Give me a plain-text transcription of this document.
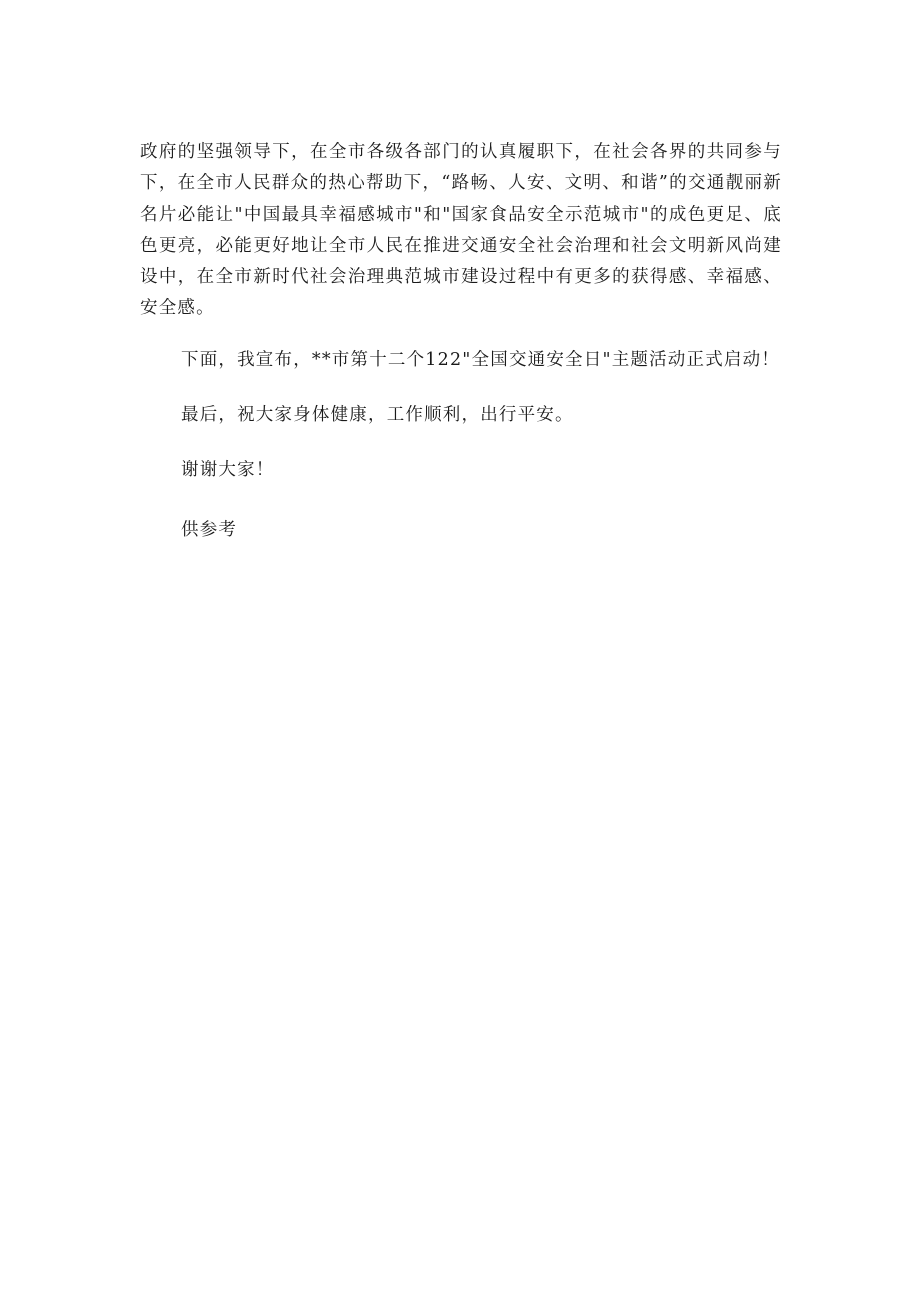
政府的坚强领导下，在全市各级各部门的认真履职下，在社会各界的共同参与下，在全市人民群众的热心帮助下，“路畅、人安、文明、和谐”的交通靓丽新名片必能让"中国最具幸福感城市"和"国家食品安全示范城市"的成色更足、底色更亮，必能更好地让全市人民在推进交通安全社会治理和社会文明新风尚建设中，在全市新时代社会治理典范城市建设过程中有更多的获得感、幸福感、安全感。

下面，我宣布，**市第十二个122"全国交通安全日"主题活动正式启动！

最后，祝大家身体健康，工作顺利，出行平安。

谢谢大家！

供参考
